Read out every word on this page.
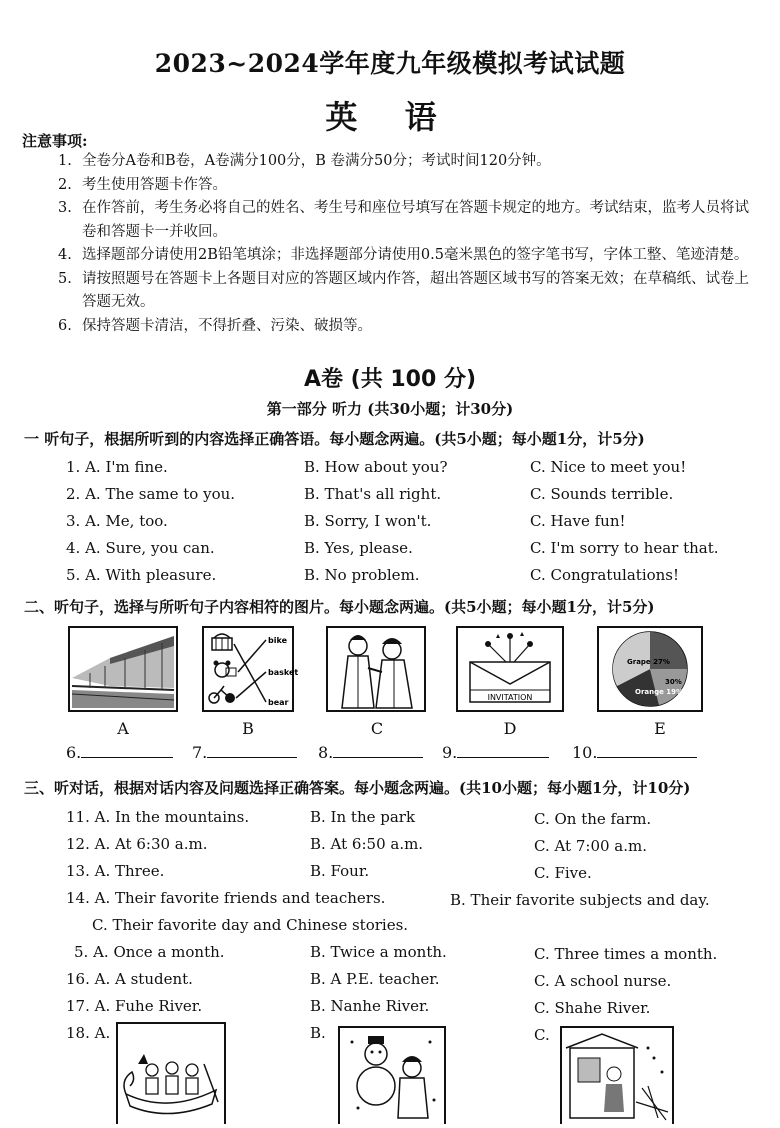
2023~2024学年度九年级模拟考试试题
英 语
注意事项:
1. 全卷分A卷和B卷，A卷满分100分，B 卷满分50分；考试时间120分钟。
2. 考生使用答题卡作答。
3. 在作答前，考生务必将自己的姓名、考生号和座位号填写在答题卡规定的地方。考试结束，监考人员将试卷和答题卡一并收回。
4. 选择题部分请使用2B铅笔填涂；非选择题部分请使用0.5毫米黑色的签字笔书写，字体工整、笔迹清楚。
5. 请按照题号在答题卡上各题目对应的答题区域内作答，超出答题区域书写的答案无效；在草稿纸、试卷上答题无效。
6. 保持答题卡清洁，不得折叠、污染、破损等。
A卷 (共 100 分)
第一部分 听力 (共30小题；计30分)
一 听句子，根据所听到的内容选择正确答语。每小题念两遍。(共5小题；每小题1分，计5分)
1. A. I'm fine.	B. How about you?	C. Nice to meet you!
2. A. The same to you.	B. That's all right.	C. Sounds terrible.
3. A. Me, too.	B. Sorry, I won't.	C. Have fun!
4. A. Sure, you can.	B. Yes, please.	C. I'm sorry to hear that.
5. A. With pleasure.	B. No problem.	C. Congratulations!
二、听句子，选择与所听句子内容相符的图片。每小题念两遍。(共5小题；每小题1分，计5分)
bike
basket
bear
INVITATION
Grape 27%
Orange 19%
30%
A	B	C	D	E
6.	7.	8.	9.	10.
三、听对话，根据对话内容及问题选择正确答案。每小题念两遍。(共10小题；每小题1分，计10分)
11. A. In the mountains.	B. In the park	C. On the farm.
12. A. At 6:30 a.m.	B. At 6:50 a.m.	C. At 7:00 a.m.
13. A. Three.	B. Four.	C. Five.
14. A. Their favorite friends and teachers.	B. Their favorite subjects and day.
C. Their favorite day and Chinese stories.
5. A. Once a month.	B. Twice a month.	C. Three times a month.
16. A. A student.	B. A P.E. teacher.	C. A school nurse.
17. A. Fuhe River.	B. Nanhe River.	C. Shahe River.
18. A.	B.	C.
